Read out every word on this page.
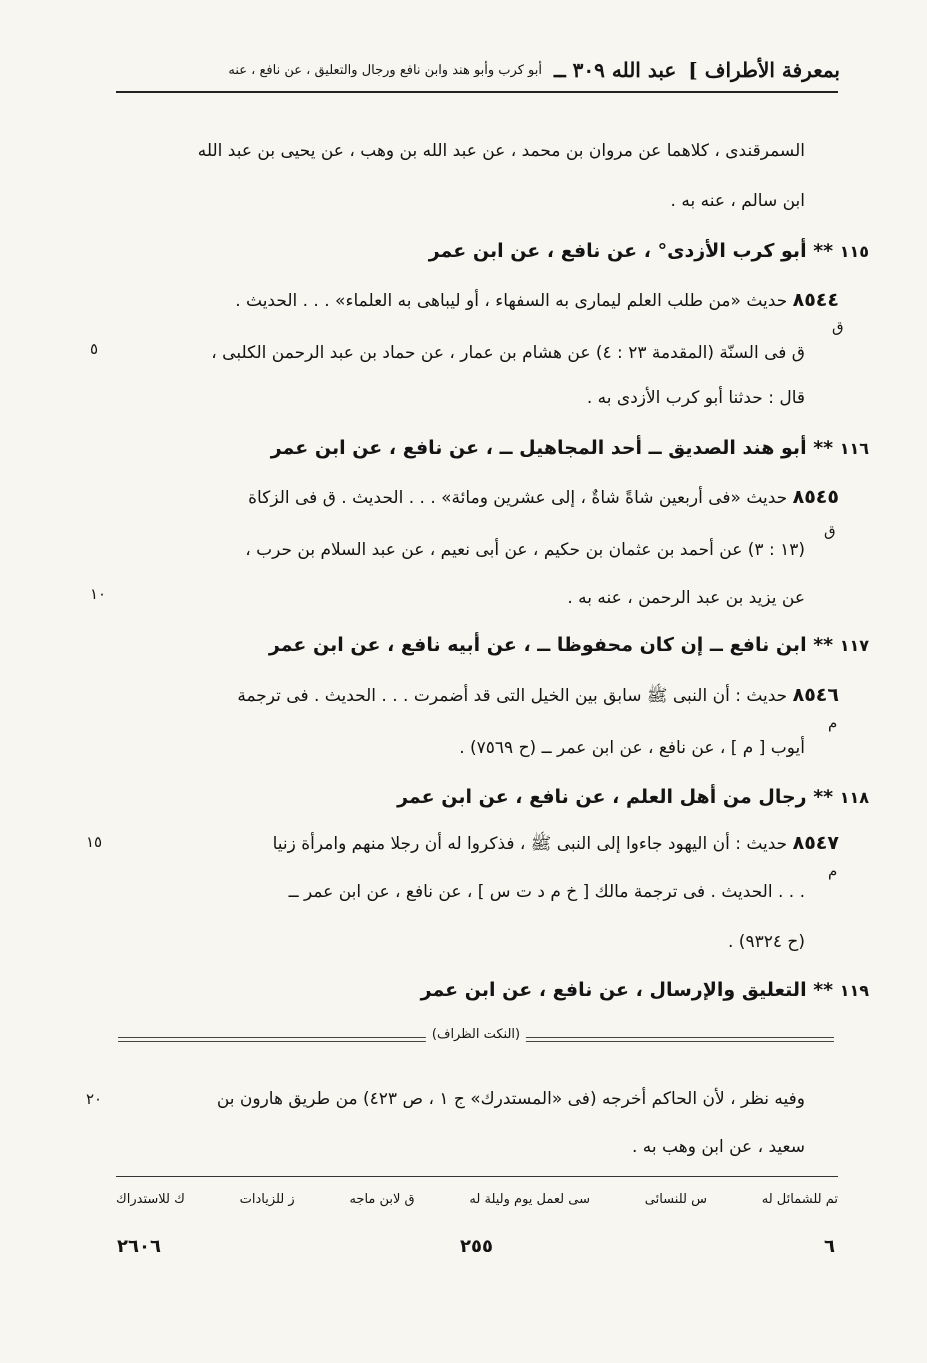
بمعرفة الأطراف ]
عبد الله ٣٠٩ ــ
أبو كرب وأبو هند وابن نافع ورجال والتعليق ، عن نافع ، عنه
السمرقندى ، كلاهما عن مروان بن محمد ، عن عبد الله بن وهب ، عن يحيى بن عبد الله
ابن سالم ، عنه به .
١١٥ ** أبو كرب الأزدى° ، عن نافع ، عن ابن عمر
٨٥٤٤ حديث «من طلب العلم ليمارى به السفهاء ، أو ليباهى به العلماء» . . . الحديث .
ق فى السنّة (المقدمة ٢٣ : ٤) عن هشام بن عمار ، عن حماد بن عبد الرحمن الكلبى ،
قال : حدثنا أبو كرب الأزدى به .
١١٦ ** أبو هند الصديق ــ أحد المجاهيل ــ ، عن نافع ، عن ابن عمر
٨٥٤٥ حديث «فى أربعين شاةً شاةٌ ، إلى عشرين ومائة» . . . الحديث . ق فى الزكاة
(١٣ : ٣) عن أحمد بن عثمان بن حكيم ، عن أبى نعيم ، عن عبد السلام بن حرب ،
عن يزيد بن عبد الرحمن ، عنه به .
١١٧ ** ابن نافع ــ إن كان محفوظا ــ ، عن أبيه نافع ، عن ابن عمر
٨٥٤٦ حديث : أن النبى ﷺ سابق بين الخيل التى قد أضمرت . . . الحديث . فى ترجمة
أيوب [ م ] ، عن نافع ، عن ابن عمر ــ (ح ٧٥٦٩) .
١١٨ ** رجال من أهل العلم ، عن نافع ، عن ابن عمر
٨٥٤٧ حديث : أن اليهود جاءوا إلى النبى ﷺ ، فذكروا له أن رجلا منهم وامرأة زنيا
. . . الحديث . فى ترجمة مالك [ خ م د ت س ] ، عن نافع ، عن ابن عمر ــ
(ح ٩٣٢٤) .
١١٩ ** التعليق والإرسال ، عن نافع ، عن ابن عمر
٥
١٠
١٥
٢٠
ق
ق
م
م
(النكت الظراف)
وفيه نظر ، لأن الحاكم أخرجه (فى «المستدرك» ج ١ ، ص ٤٢٣) من طريق هارون بن
سعيد ، عن ابن وهب به .
تم للشمائل له
س للنسائى
سى لعمل يوم وليلة له
ق لابن ماجه
ز للزيادات
ك للاستدراك
٦
٢٥٥
٢٦٠٦
